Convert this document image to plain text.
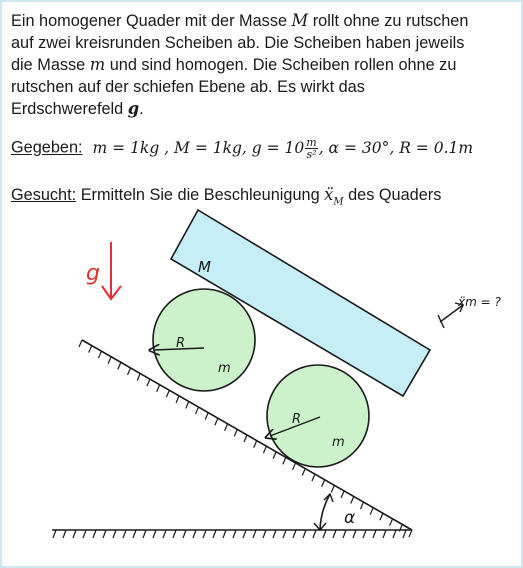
Ein homogener Quader mit der Masse M rollt ohne zu rutschen

auf zwei kreisrunden Scheiben ab. Die Scheiben haben jeweils

die Masse m und sind homogen. Die Scheiben rollen ohne zu

rutschen auf der schiefen Ebene ab. Es wirkt das

Erdschwerefeld g.

Gegeben: m = 1kg , M = 1kg, $g = 10 \frac{m}{\text{s²}}$ , α = 30°, R = 0.1m
Gesucht: Ermitteln Sie die Beschleunigung ẍ$_M$ des Quaders
α
M
R
m
R
m
g
ẍm = ?
